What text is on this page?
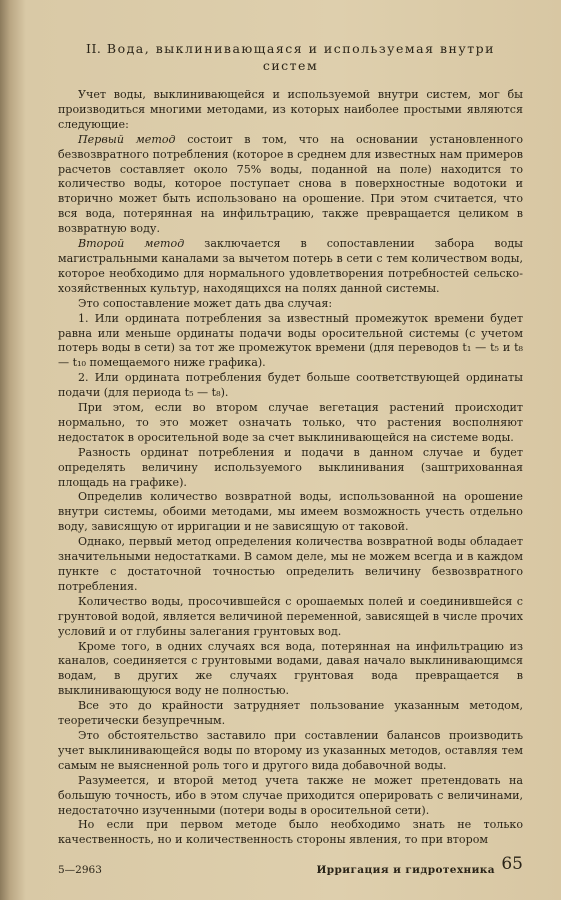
II. Вода, выклинивающаяся и используемая внутри систем

Учет воды, выклинивающейся и используемой внутри систем, мог бы производиться многими методами, из которых наиболее простыми являются следующие:

Первый метод состоит в том, что на основании установленного безвозвратного потребления (которое в среднем для известных нам примеров расчетов составляет около 75% воды, поданной на поле) находится то количество воды, которое поступает снова в поверхностные водотоки и вторично может быть использовано на орошение. При этом считается, что вся вода, потерянная на инфильтрацию, также превращается целиком в возвратную воду.

Второй метод заключается в сопоставлении забора воды магистральными каналами за вычетом потерь в сети с тем количеством воды, которое необходимо для нормального удовлетворения потребностей сельско-хозяйственных культур, находящихся на полях данной системы.

Это сопоставление может дать два случая:

1. Или ордината потребления за известный промежуток времени будет равна или меньше ординаты подачи воды оросительной системы (с учетом потерь воды в сети) за тот же промежуток времени (для переводов t₁ — t₅ и t₈ — t₁₀ помещаемого ниже графика).

2. Или ордината потребления будет больше соответствующей ординаты подачи (для периода t₅ — t₈).

При этом, если во втором случае вегетация растений происходит нормально, то это может означать только, что растения восполняют недостаток в оросительной воде за счет выклинивающейся на системе воды.

Разность ординат потребления и подачи в данном случае и будет определять величину используемого выклинивания (заштрихованная площадь на графике).

Определив количество возвратной воды, использованной на орошение внутри системы, обоими методами, мы имеем возможность учесть отдельно воду, зависящую от ирригации и не зависящую от таковой.

Однако, первый метод определения количества возвратной воды обладает значительными недостатками. В самом деле, мы не можем всегда и в каждом пункте с достаточной точностью определить величину безвозвратного потребления.

Количество воды, просочившейся с орошаемых полей и соединившейся с грунтовой водой, является величиной переменной, зависящей в числе прочих условий и от глубины залегания грунтовых вод.

Кроме того, в одних случаях вся вода, потерянная на инфильтрацию из каналов, соединяется с грунтовыми водами, давая начало выклинивающимся водам, в других же случаях грунтовая вода превращается в выклинивающуюся воду не полностью.

Все это до крайности затрудняет пользование указанным методом, теоретически безупречным.

Это обстоятельство заставило при составлении балансов производить учет выклинивающейся воды по второму из указанных методов, оставляя тем самым не выясненной роль того и другого вида добавочной воды.

Разумеется, и второй метод учета также не может претендовать на большую точность, ибо в этом случае приходится оперировать с величинами, недостаточно изученными (потери воды в оросительной сети).

Но если при первом методе было необходимо знать не только качественность, но и количественность стороны явления, то при втором

5—2963	Ирригация и гидротехника 65
